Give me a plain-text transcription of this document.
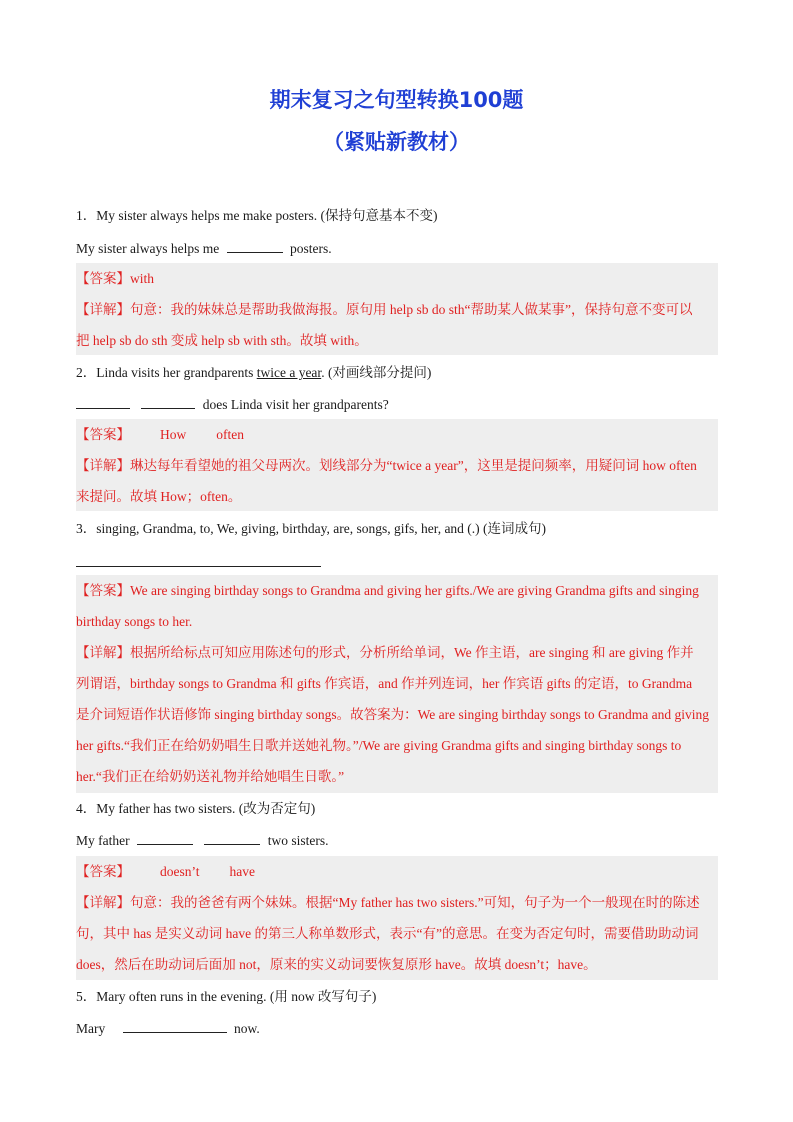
期末复习之句型转换100题
（紧贴新教材）
1．My sister always helps me make posters. (保持句意基本不变)
My sister always helps me	posters.
【答案】with
【详解】句意：我的妹妹总是帮助我做海报。原句用 help sb do sth“帮助某人做某事”，保持句意不变可以
把 help sb do sth 变成 help sb with sth。故填 with。
2．Linda visits her grandparents twice a year. (对画线部分提问)
does Linda visit her grandparents?
【答案】 How often
【详解】琳达每年看望她的祖父母两次。划线部分为“twice a year”，这里是提问频率，用疑问词 how often
来提问。故填 How；often。
3．singing, Grandma, to, We, giving, birthday, are, songs, gifs, her, and (.) (连词成句)
【答案】We are singing birthday songs to Grandma and giving her gifts./We are giving Grandma gifts and singing
birthday songs to her.
【详解】根据所给标点可知应用陈述句的形式，分析所给单词，We 作主语，are singing 和 are giving 作并
列谓语，birthday songs to Grandma 和 gifts 作宾语，and 作并列连词，her 作宾语 gifts 的定语，to Grandma
是介词短语作状语修饰 singing birthday songs。故答案为：We are singing birthday songs to Grandma and giving
her gifts.“我们正在给奶奶唱生日歌并送她礼物。”/We are giving Grandma gifts and singing birthday songs to
her.“我们正在给奶奶送礼物并给她唱生日歌。”
4．My father has two sisters. (改为否定句)
My father	two sisters.
【答案】 doesn’t have
【详解】句意：我的爸爸有两个妹妹。根据“My father has two sisters.”可知，句子为一个一般现在时的陈述
句，其中 has 是实义动词 have 的第三人称单数形式，表示“有”的意思。在变为否定句时，需要借助助动词
does，然后在助动词后面加 not，原来的实义动词要恢复原形 have。故填 doesn’t；have。
5．Mary often runs in the evening. (用 now 改写句子)
Mary	now.
